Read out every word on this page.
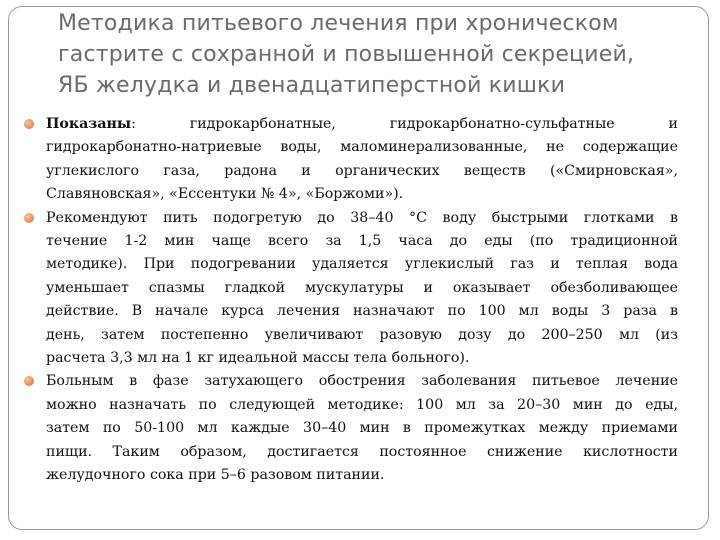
Методика питьевого лечения при хроническом
гастрите с сохранной и повышенной секрецией,
ЯБ желудка и двенадцатиперстной кишки
Показаны: гидрокарбонатные, гидрокарбонатно-сульфатные и
гидрокарбонатно-натриевые воды, маломинерализованные, не содержащие
углекислого газа, радона и органических веществ («Смирновская»,
Славяновская», «Ессентуки № 4», «Боржоми»).
Рекомендуют пить подогретую до 38–40 °С воду быстрыми глотками в
течение 1-2 мин чаще всего за 1,5 часа до еды (по традиционной
методике). При подогревании удаляется углекислый газ и теплая вода
уменьшает спазмы гладкой мускулатуры и оказывает обезболивающее
действие. В начале курса лечения назначают по 100 мл воды 3 раза в
день, затем постепенно увеличивают разовую дозу до 200–250 мл (из
расчета 3,3 мл на 1 кг идеальной массы тела больного).
Больным в фазе затухающего обострения заболевания питьевое лечение
можно назначать по следующей методике: 100 мл за 20–30 мин до еды,
затем по 50-100 мл каждые 30–40 мин в промежутках между приемами
пищи. Таким образом, достигается постоянное снижение кислотности
желудочного сока при 5–6 разовом питании.
